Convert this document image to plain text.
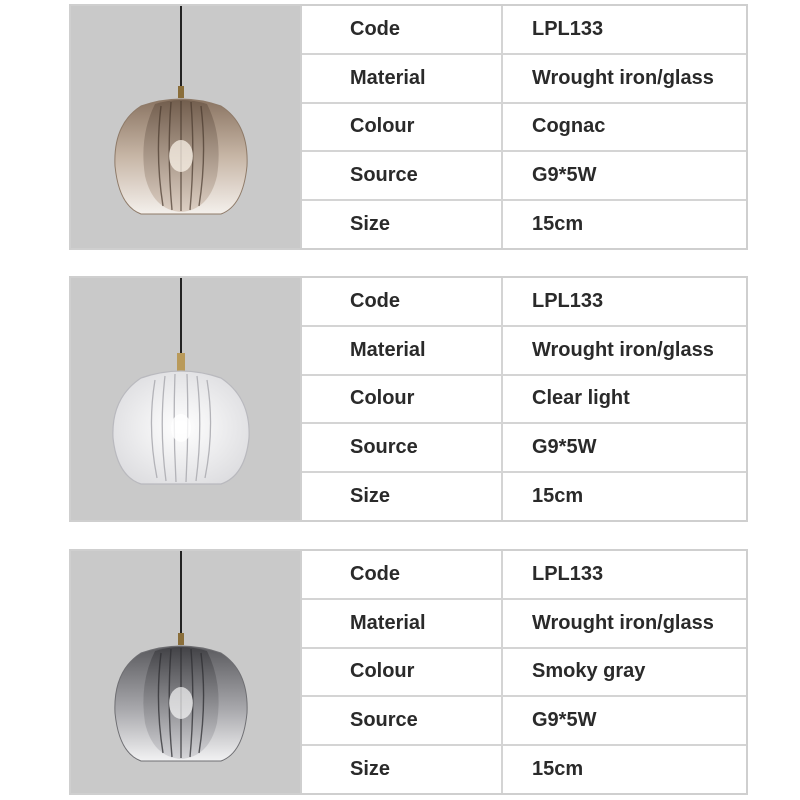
Code	LPL133
Material	Wrought iron/glass
Colour	Cognac
Source	G9*5W
Size	15cm
Code	LPL133
Material	Wrought iron/glass
Colour	Clear light
Source	G9*5W
Size	15cm
Code	LPL133
Material	Wrought iron/glass
Colour	Smoky gray
Source	G9*5W
Size	15cm
